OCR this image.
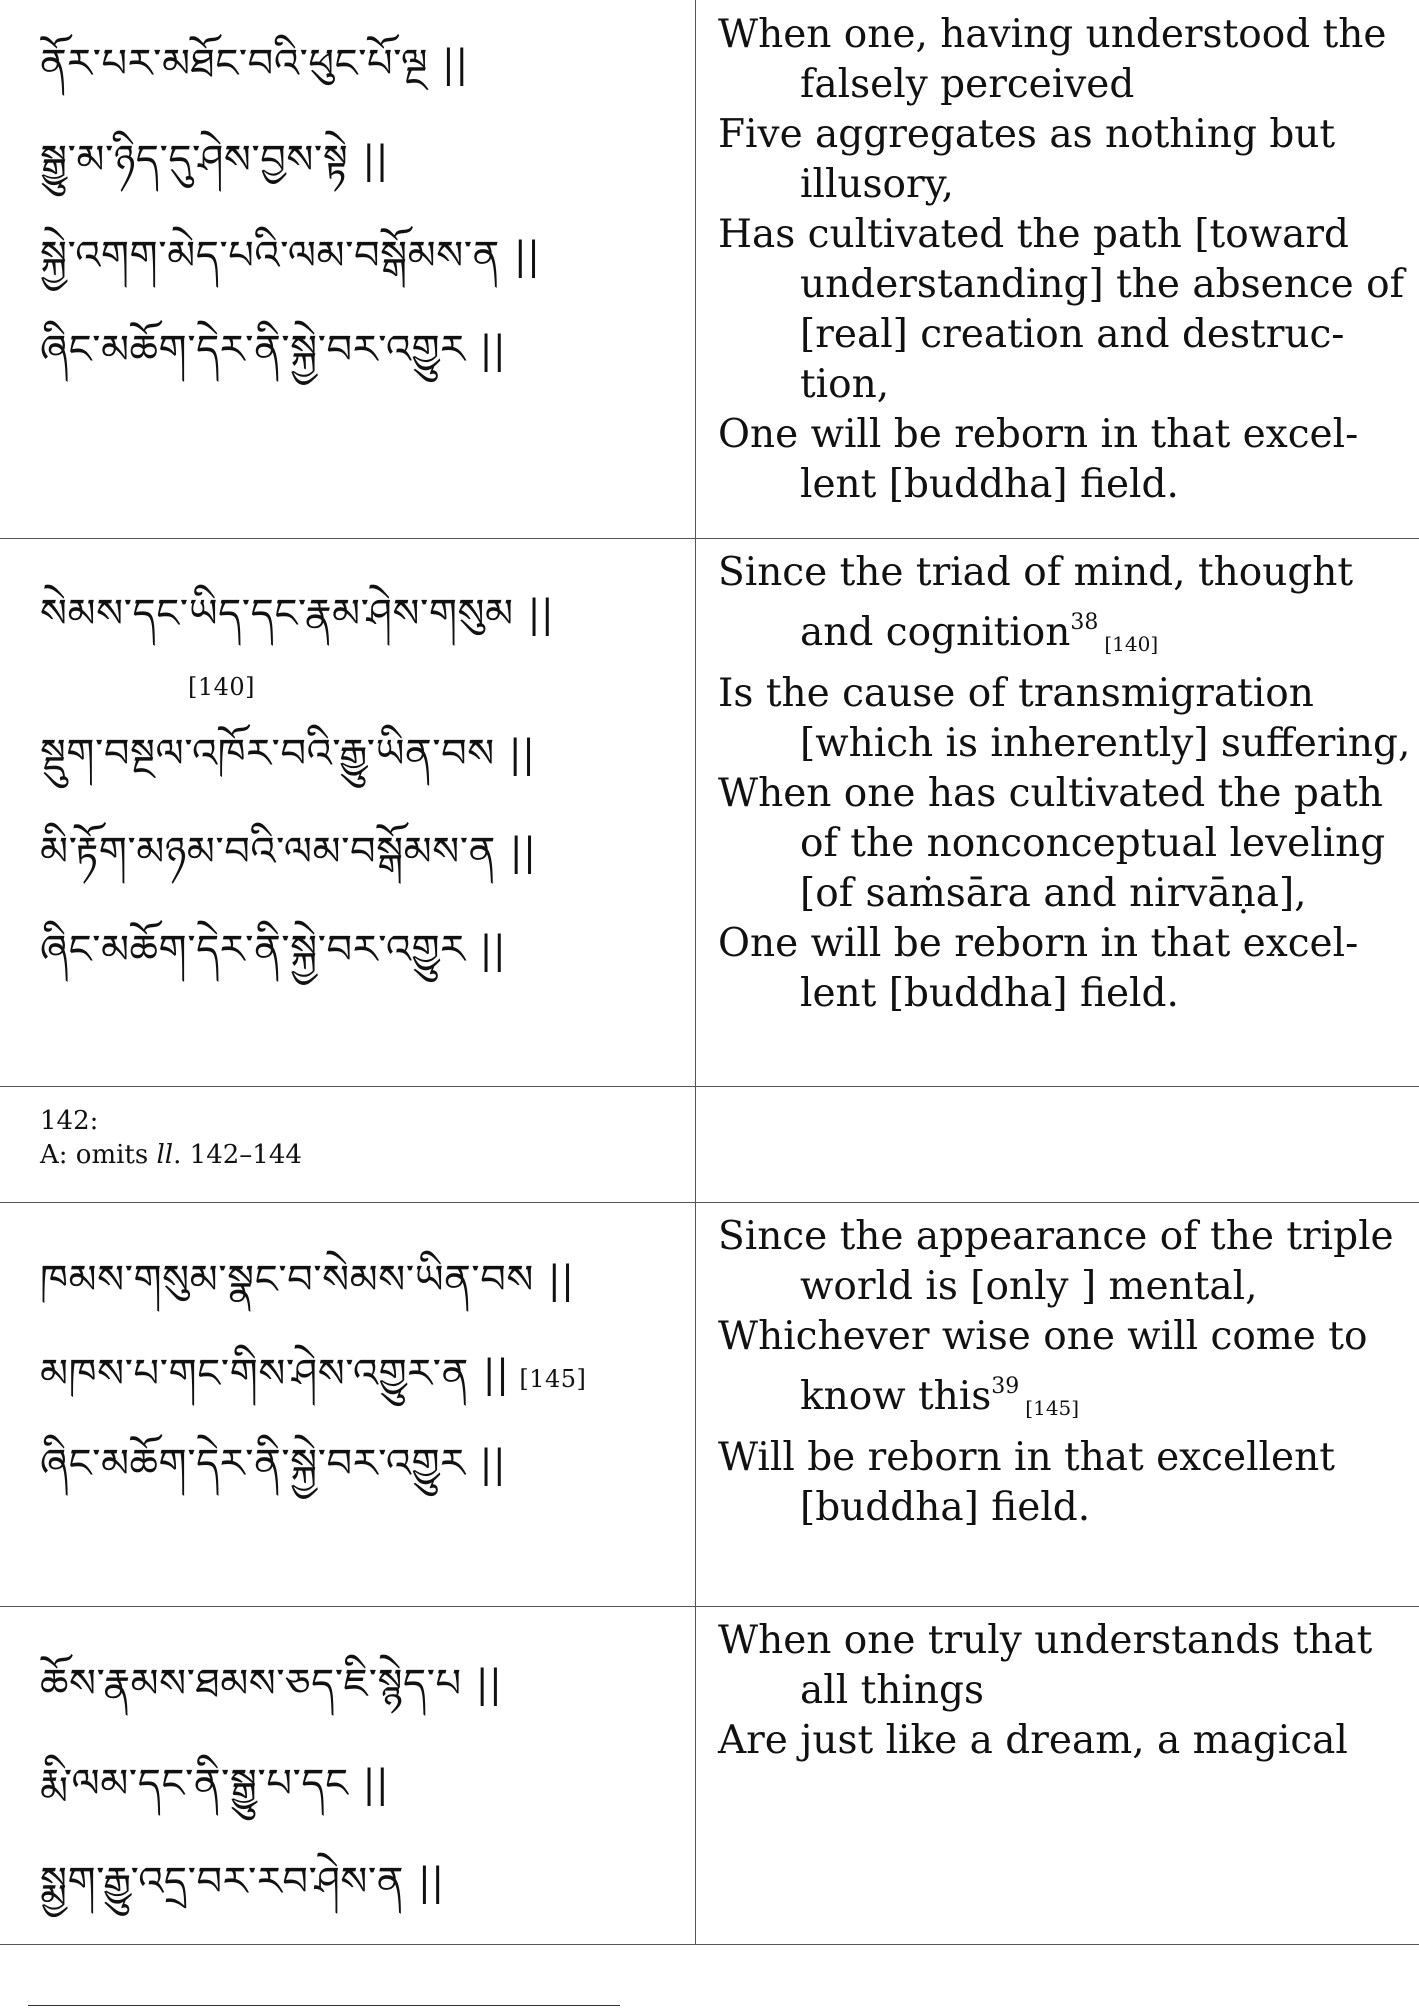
ནོར་པར་མཐོང་བའི་ཕུང་པོ་ལྔ ||
སྒྱུ་མ་ཉིད་དུ་ཤེས་བྱས་སྟེ ||
སྐྱེ་འགག་མེད་པའི་ལམ་བསྒོམས་ན ||
ཞིང་མཆོག་དེར་ནི་སྐྱེ་བར་འགྱུར ||

When one, having understood the falsely perceived

Five aggregates as nothing but illusory,

Has cultivated the path [toward understanding] the absence of [real] creation and destruc- tion,

One will be reborn in that excel- lent [buddha] field.

སེམས་དང་ཡིད་དང་རྣམ་ཤེས་གསུམ ||
[140]
སྡུག་བསྔལ་འཁོར་བའི་རྒྱུ་ཡིན་བས ||
མི་རྟོག་མཉམ་བའི་ལམ་བསྒོམས་ན ||
ཞིང་མཆོག་དེར་ནི་སྐྱེ་བར་འགྱུར ||

Since the triad of mind, thought and cognition$^{38}$[140]

Is the cause of transmigration [which is inherently] suffering,

When one has cultivated the path of the nonconceptual leveling [of saṁsāra and nirvāṇa],

One will be reborn in that excel- lent [buddha] field.

142:
A: omits ll. 142–144
ཁམས་གསུམ་སྣང་བ་སེམས་ཡིན་བས ||
མཁས་པ་གང་གིས་ཤེས་འགྱུར་ན || [145]
ཞིང་མཆོག་དེར་ནི་སྐྱེ་བར་འགྱུར ||

Since the appearance of the triple world is [only ] mental,

Whichever wise one will come to know this$^{39}$[145]

Will be reborn in that excellent [buddha] field.

ཆོས་རྣམས་ཐམས་ཅད་ཇི་སྙེད་པ ||
རྨི་ལམ་དང་ནི་སྒྱུ་པ་དང ||
སྨྱག་རྒྱུ་འདྲ་བར་རབ་ཤེས་ན ||

When one truly understands that all things

Are just like a dream, a magical
